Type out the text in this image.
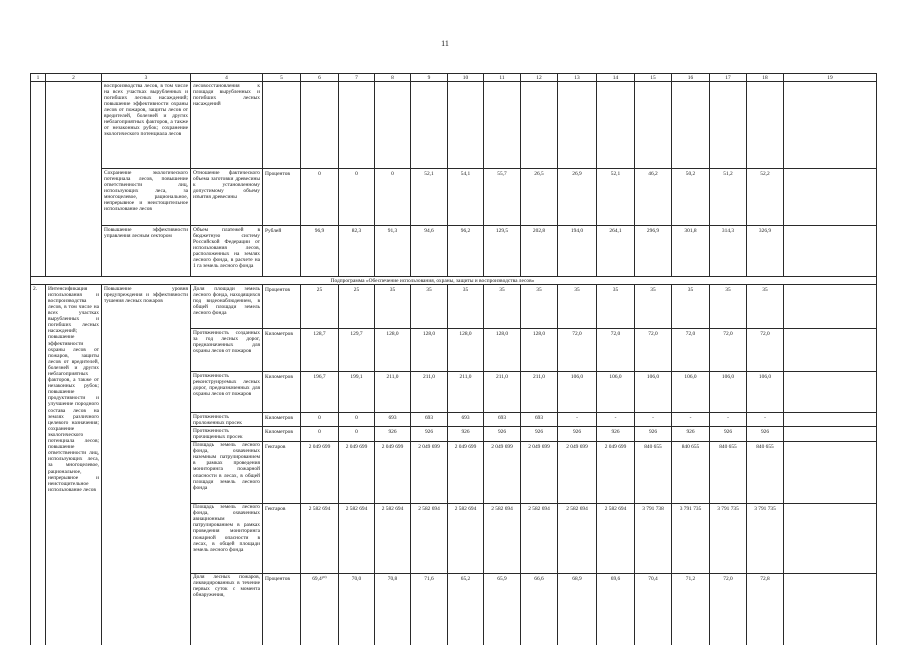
11
1	2	3	4	5	6	7	8	9	10	11	12	13	14	15	16	17	18	19
		воспроизводства лесов, в том числе на всех участках вырубленных и погибших лесных насаждений; повышение эффективности охраны лесов от пожаров, защиты лесов от вредителей, болезней и других неблагоприятных факторов, а также от незаконных рубок; сохранение экологического потенциала лесов	лесовосстановления к площади вырубленных и погибших лесных насаждений															
		Сохранение экологического потенциала лесов, повышение ответственности лиц, использующих леса, за многоцелевое, рациональное, непрерывное и неистощительное использование лесов	Отношение фактического объема заготовки древесины к установленному допустимому объему изъятия древесины	Процентов	0	0	0	52,1	54,1	55,7	26,5	26,9	52,1	46,2	50,2	51,2	52,2	
		Повышение эффективности управления лесным сектором	Объем платежей в бюджетную систему Российской Федерации от использования лесов, расположенных на землях лесного фонда, в расчете на 1 га земель лесного фонда	Рублей	96,9	82,3	91,3	94,6	96,2	129,5	202,8	194,0	264,1	296,9	301,8	314,3	326,9	
Подпрограмма «Обеспечение использования, охраны, защиты и воспроизводства лесов»																		
2.	Интенсификация использования и воспроизводства лесов, в том числе на всех участках вырубленных и погибших лесных насаждений; повышение эффективности охраны лесов от пожаров, защиты лесов от вредителей, болезней и других неблагоприятных факторов, а также от незаконных рубок; повышение продуктивности и улучшение породного состава лесов на землях различного целевого назначения; сохранение экологического потенциала лесов; повышение ответственности лиц, использующих леса, за многоцелевое, рациональное, непрерывное и неистощительное использование лесов	Повышение уровня предупреждения и эффективности тушения лесных пожаров	Доля площади земель лесного фонда, находящихся под видеонаблюдением, в общей площади земель лесного фонда	Процентов	25	25	35	35	35	35	35	35	35	35	35	35	35	
			Протяженность созданных за год лесных дорог, предназначенных для охраны лесов от пожаров	Километров	128,7	129,7	128,0	128,0	128,0	128,0	128,0	72,0	72,0	72,0	72,0	72,0	72,0	
			Протяженность реконструируемых лесных дорог, предназначенных для охраны лесов от пожаров	Километров	196,7	199,1	211,0	211,0	211,0	211,0	211,0	106,0	106,0	106,0	106,0	106,0	106,0	
			Протяженность проложенных просек	Километров	0	0	693	693	693	693	693	-	-	-	-	-	-	
			Протяженность прочищенных просек	Километров	0	0	926	926	926	926	926	926	926	926	926	926	926	
			Площадь земель лесного фонда, охваченных наземным патрулированием в рамках проведения мониторинга пожарной опасности в лесах, в общей площади земель лесного фонда	Гектаров	2 049 699	2 049 699	2 049 699	2 049 699	2 049 699	2 049 699	2 049 699	2 049 699	2 049 699	840 655	840 655	840 655	840 655	
			Площадь земель лесного фонда, охваченных авиационным патрулированием в рамках проведения мониторинга пожарной опасности в лесах, в общей площади земель лесного фонда	Гектаров	2 582 694	2 582 694	2 582 694	2 582 694	2 582 694	2 582 694	2 582 694	2 582 694	2 582 694	3 791 738	3 791 735	3 791 735	3 791 735	
			Доля лесных пожаров, ликвидированных в течение первых суток с момента обнаружения,	Процентов	69,4¹⁰⁾	70,0	70,8	71,6	65,2	65,9	66,6	68,9	69,6	70,4	71,2	72,0	72,8	
